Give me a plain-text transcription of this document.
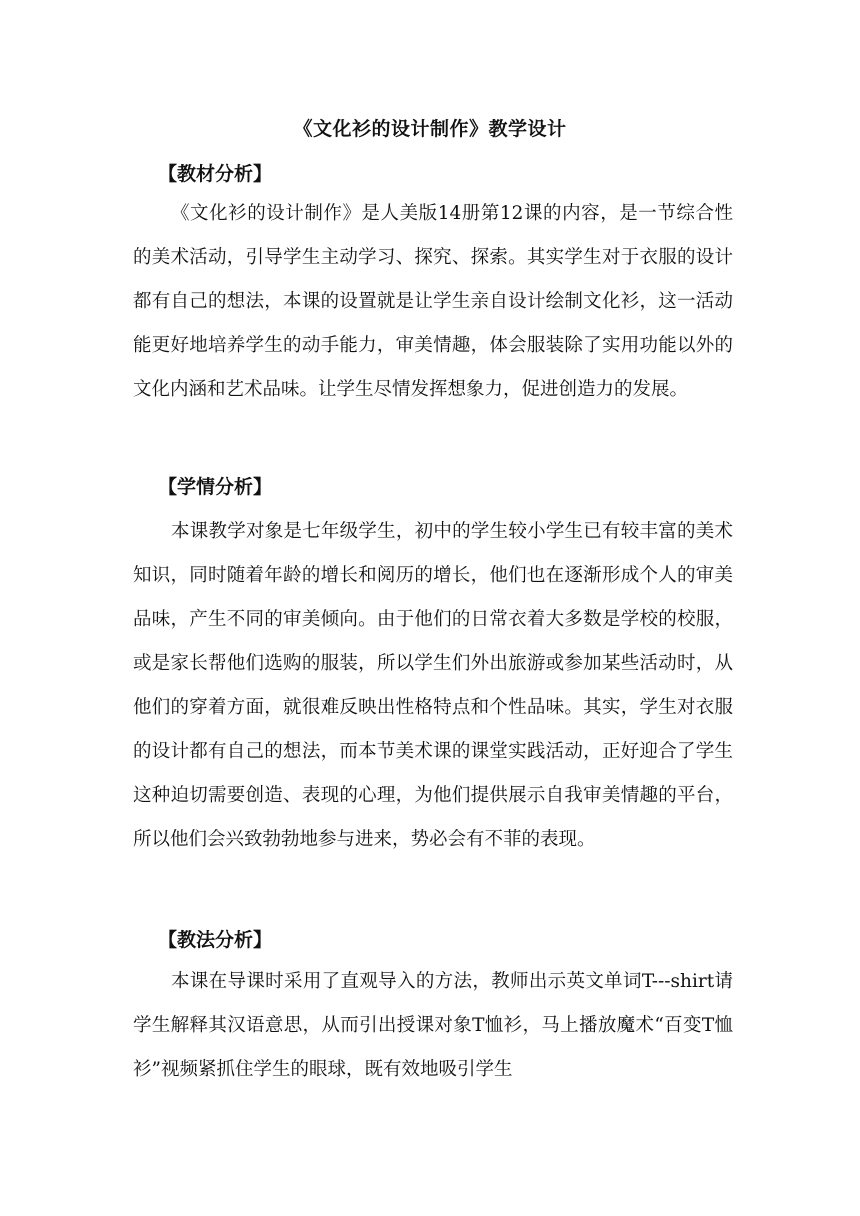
《文化衫的设计制作》教学设计
【教材分析】

《文化衫的设计制作》是人美版14册第12课的内容，是一节综合性的美术活动，引导学生主动学习、探究、探索。其实学生对于衣服的设计都有自己的想法，本课的设置就是让学生亲自设计绘制文化衫，这一活动能更好地培养学生的动手能力，审美情趣，体会服装除了实用功能以外的文化内涵和艺术品味。让学生尽情发挥想象力，促进创造力的发展。

【学情分析】

本课教学对象是七年级学生，初中的学生较小学生已有较丰富的美术知识，同时随着年龄的增长和阅历的增长，他们也在逐渐形成个人的审美品味，产生不同的审美倾向。由于他们的日常衣着大多数是学校的校服，或是家长帮他们选购的服装，所以学生们外出旅游或参加某些活动时，从他们的穿着方面，就很难反映出性格特点和个性品味。其实，学生对衣服的设计都有自己的想法，而本节美术课的课堂实践活动，正好迎合了学生这种迫切需要创造、表现的心理，为他们提供展示自我审美情趣的平台，所以他们会兴致勃勃地参与进来，势必会有不菲的表现。

【教法分析】

本课在导课时采用了直观导入的方法，教师出示英文单词T---shirt请学生解释其汉语意思，从而引出授课对象T恤衫，马上播放魔术“百变T恤衫”视频紧抓住学生的眼球，既有效地吸引学生
